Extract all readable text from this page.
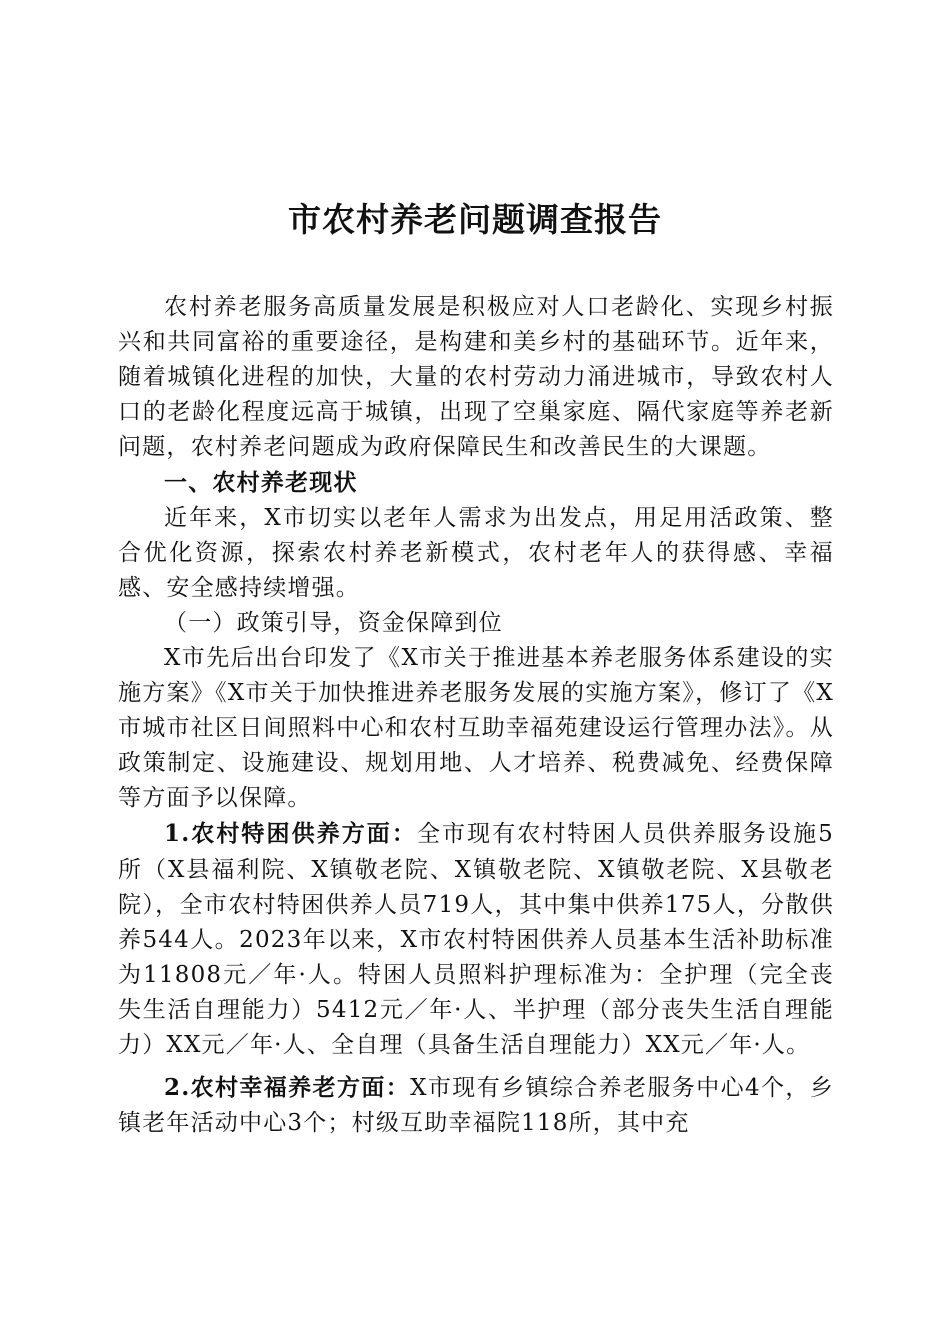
市农村养老问题调查报告

农村养老服务高质量发展是积极应对人口老龄化、实现乡村振兴和共同富裕的重要途径，是构建和美乡村的基础环节。近年来，随着城镇化进程的加快，大量的农村劳动力涌进城市，导致农村人口的老龄化程度远高于城镇，出现了空巢家庭、隔代家庭等养老新问题，农村养老问题成为政府保障民生和改善民生的大课题。

一、农村养老现状

近年来，X市切实以老年人需求为出发点，用足用活政策、整合优化资源，探索农村养老新模式，农村老年人的获得感、幸福感、安全感持续增强。

（一）政策引导，资金保障到位

X市先后出台印发了《X市关于推进基本养老服务体系建设的实施方案》《X市关于加快推进养老服务发展的实施方案》，修订了《X市城市社区日间照料中心和农村互助幸福苑建设运行管理办法》。从政策制定、设施建设、规划用地、人才培养、税费减免、经费保障等方面予以保障。

1.农村特困供养方面：全市现有农村特困人员供养服务设施5所（X县福利院、X镇敬老院、X镇敬老院、X镇敬老院、X县敬老院），全市农村特困供养人员719人，其中集中供养175人，分散供养544人。2023年以来，X市农村特困供养人员基本生活补助标准为11808元／年·人。特困人员照料护理标准为：全护理（完全丧失生活自理能力）5412元／年·人、半护理（部分丧失生活自理能力）XX元／年·人、全自理（具备生活自理能力）XX元／年·人。

2.农村幸福养老方面：X市现有乡镇综合养老服务中心4个，乡镇老年活动中心3个；村级互助幸福院118所，其中充
